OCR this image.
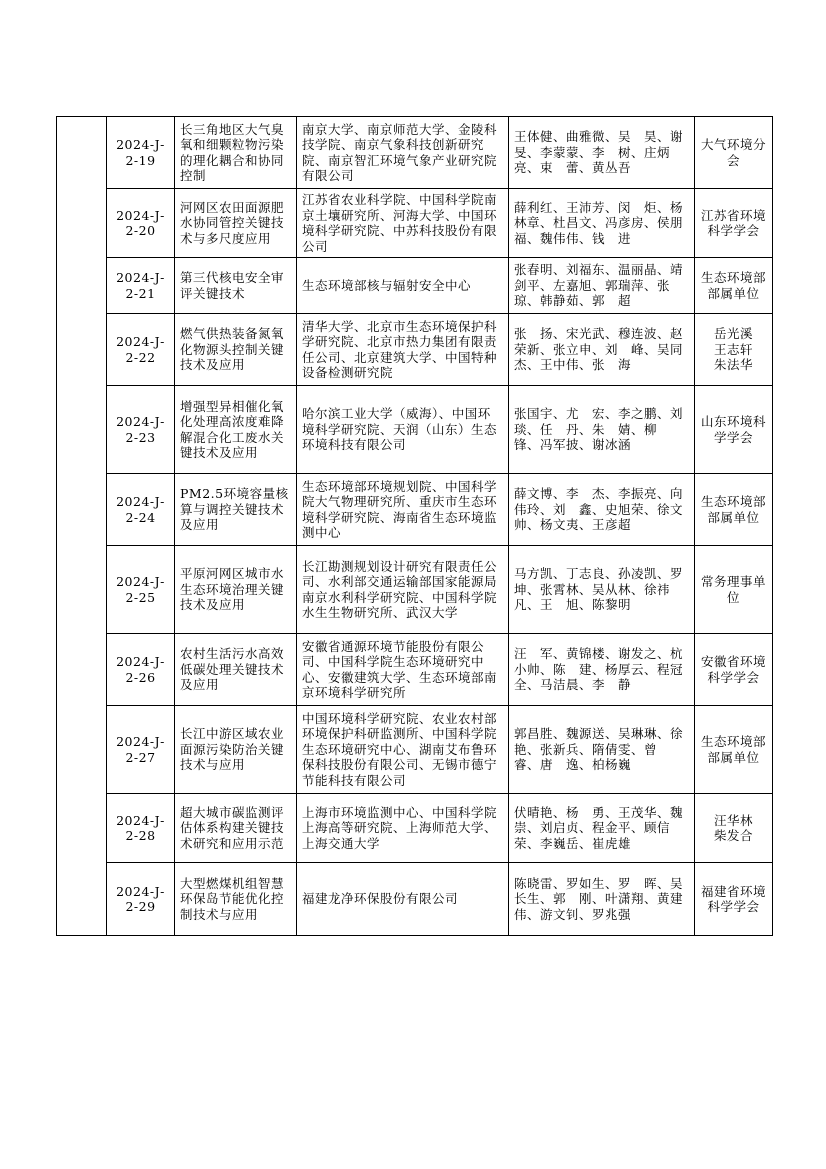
	2024-J-2-19	长三角地区大气臭氧和细颗粒物污染的理化耦合和协同控制	南京大学、南京师范大学、金陵科技学院、南京气象科技创新研究院、南京智汇环境气象产业研究院有限公司	王体健、曲雅微、吴　昊、谢　旻、李蒙蒙、李　树、庄炳亮、束　蕾、黄丛吾	大气环境分会
	2024-J-2-20	河网区农田面源肥水协同管控关键技术与多尺度应用	江苏省农业科学院、中国科学院南京土壤研究所、河海大学、中国环境科学研究院、中苏科技股份有限公司	薛利红、王沛芳、闵　炬、杨林章、杜昌文、冯彦房、侯朋福、魏伟伟、钱　进	江苏省环境科学学会
	2024-J-2-21	第三代核电安全审评关键技术	生态环境部核与辐射安全中心	张春明、刘福东、温丽晶、靖剑平、左嘉旭、郭瑞萍、张　琼、韩静茹、郭　超	生态环境部部属单位
	2024-J-2-22	燃气供热装备氮氧化物源头控制关键技术及应用	清华大学、北京市生态环境保护科学研究院、北京市热力集团有限责任公司、北京建筑大学、中国特种设备检测研究院	张　扬、宋光武、穆连波、赵荣新、张立申、刘　峰、吴同杰、王中伟、张　海	岳光溪
王志轩
朱法华
	2024-J-2-23	增强型异相催化氧化处理高浓度难降解混合化工废水关键技术及应用	哈尔滨工业大学（威海）、中国环境科学研究院、天润（山东）生态环境科技有限公司	张国宇、尤　宏、李之鹏、刘　琰、任　丹、朱　婧、柳　锋、冯军披、谢冰涵	山东环境科学学会
	2024-J-2-24	PM2.5环境容量核算与调控关键技术及应用	生态环境部环境规划院、中国科学院大气物理研究所、重庆市生态环境科学研究院、海南省生态环境监测中心	薛文博、李　杰、李振亮、向伟玲、刘　鑫、史旭荣、徐文帅、杨文夷、王彦超	生态环境部部属单位
	2024-J-2-25	平原河网区城市水生态环境治理关键技术及应用	长江勘测规划设计研究有限责任公司、水利部交通运输部国家能源局南京水利科学研究院、中国科学院水生生物研究所、武汉大学	马方凯、丁志良、孙凌凯、罗　坤、张霄林、吴从林、徐祎凡、王　旭、陈黎明	常务理事单位
	2024-J-2-26	农村生活污水高效低碳处理关键技术及应用	安徽省通源环境节能股份有限公司、中国科学院生态环境研究中心、安徽建筑大学、生态环境部南京环境科学研究所	汪　军、黄锦楼、谢发之、杭小帅、陈　建、杨厚云、程冠全、马洁晨、李　静	安徽省环境科学学会
	2024-J-2-27	长江中游区域农业面源污染防治关键技术与应用	中国环境科学研究院、农业农村部环境保护科研监测所、中国科学院生态环境研究中心、湖南艾布鲁环保科技股份有限公司、无锡市德宁节能科技有限公司	郭昌胜、魏源送、吴琳琳、徐　艳、张新兵、隋倩雯、曾　睿、唐　逸、柏杨巍	生态环境部部属单位
	2024-J-2-28	超大城市碳监测评估体系构建关键技术研究和应用示范	上海市环境监测中心、中国科学院上海高等研究院、上海师范大学、上海交通大学	伏晴艳、杨　勇、王茂华、魏　崇、刘启贞、程金平、顾信荣、李巍岳、崔虎雄	汪华林
柴发合
	2024-J-2-29	大型燃煤机组智慧环保岛节能优化控制技术与应用	福建龙净环保股份有限公司	陈晓雷、罗如生、罗　晖、吴长生、郭　刚、叶潇翔、黄建伟、游文钊、罗兆强	福建省环境科学学会
